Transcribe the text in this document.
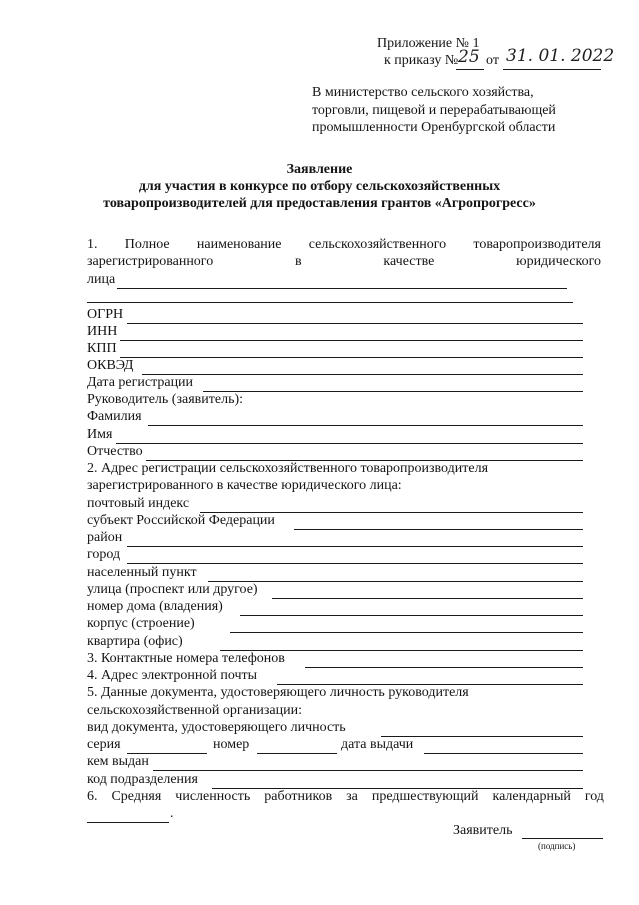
Приложение № 1
к приказу № 25 от 31. 01. 2022
В министерство сельского хозяйства,
торговли, пищевой и перерабатывающей
промышленности Оренбургской области
Заявление
для участия в конкурсе по отбору сельскохозяйственных
товаропроизводителей для предоставления грантов «Агропрогресс»
1. Полное наименование сельскохозяйственного товаропроизводителя
зарегистрированного	в	качестве	юридического
лица
ОГРН
ИНН
КПП
ОКВЭД
Дата регистрации
Руководитель (заявитель):
Фамилия
Имя
Отчество
2. Адрес регистрации сельскохозяйственного товаропроизводителя
зарегистрированного в качестве юридического лица:
почтовый индекс
субъект Российской Федерации
район
город
населенный пункт
улица (проспект или другое)
номер дома (владения)
корпус (строение)
квартира (офис)
3. Контактные номера телефонов
4. Адрес электронной почты
5. Данные документа, удостоверяющего личность руководителя
сельскохозяйственной организации:
вид документа, удостоверяющего личность
серия	номер	дата выдачи
кем выдан
код подразделения
6. Средняя численность работников за предшествующий календарный год
.
Заявитель
(подпись)
